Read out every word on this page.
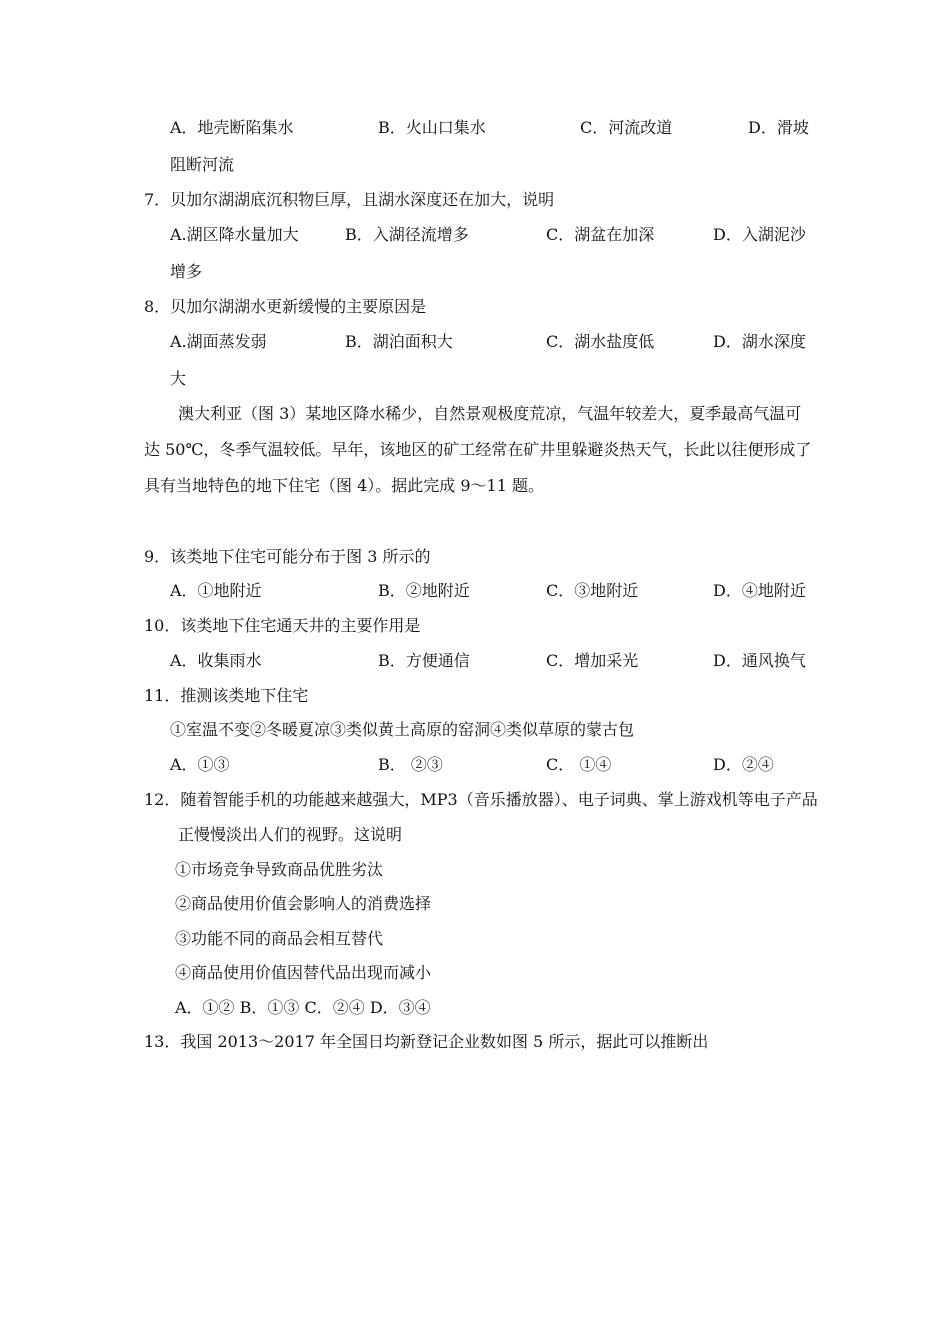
A．地壳断陷集水	B．火山口集水	C．河流改道	D．滑坡
阻断河流
7．贝加尔湖湖底沉积物巨厚，且湖水深度还在加大，说明
A.湖区降水量加大	B．入湖径流增多	C．湖盆在加深	D．入湖泥沙
增多
8．贝加尔湖湖水更新缓慢的主要原因是
A.湖面蒸发弱	B．湖泊面积大	C．湖水盐度低	D．湖水深度
大
澳大利亚（图 3）某地区降水稀少，自然景观极度荒凉，气温年较差大，夏季最高气温可
达 50℃，冬季气温较低。早年，该地区的矿工经常在矿井里躲避炎热天气，长此以往便形成了
具有当地特色的地下住宅（图 4）。据此完成 9～11 题。
9．该类地下住宅可能分布于图 3 所示的
A．①地附近	B．②地附近	C．③地附近	D．④地附近
10．该类地下住宅通天井的主要作用是
A．收集雨水	B．方便通信	C．增加采光	D．通风换气
11．推测该类地下住宅
①室温不变②冬暖夏凉③类似黄土高原的窑洞④类似草原的蒙古包
A．①③	B． ②③	C． ①④	D．②④
12．随着智能手机的功能越来越强大，MP3（音乐播放器）、电子词典、掌上游戏机等电子产品
正慢慢淡出人们的视野。这说明
①市场竞争导致商品优胜劣汰
②商品使用价值会影响人的消费选择
③功能不同的商品会相互替代
④商品使用价值因替代品出现而减小
A．①② B．①③ C．②④ D．③④
13．我国 2013～2017 年全国日均新登记企业数如图 5 所示，据此可以推断出
